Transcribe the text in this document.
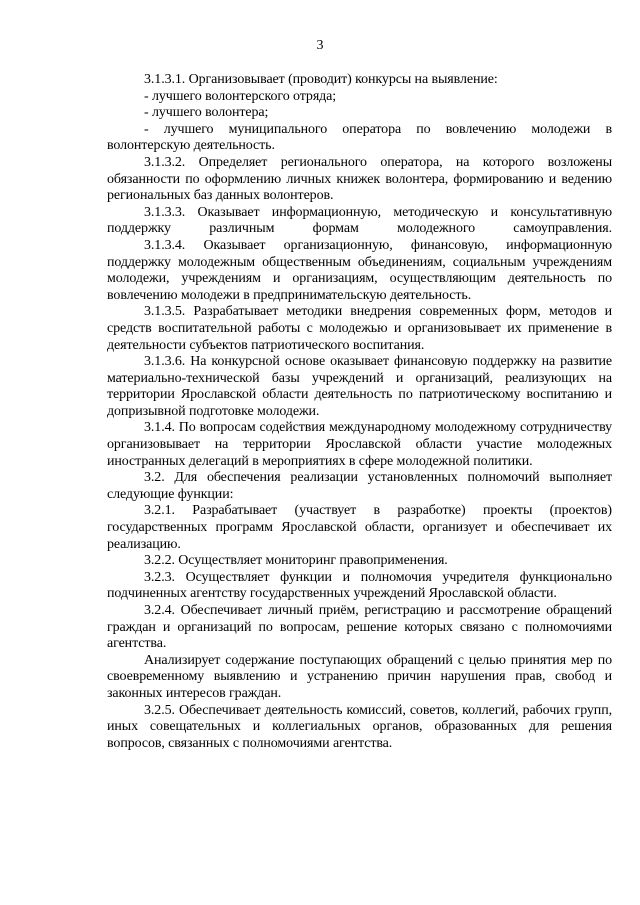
3

3.1.3.1. Организовывает (проводит) конкурсы на выявление:

- лучшего волонтерского отряда;

- лучшего волонтера;

- лучшего муниципального оператора по вовлечению молодежи в волонтерскую деятельность.

3.1.3.2. Определяет регионального оператора, на которого возложены обязанности по оформлению личных книжек волонтера, формированию и ведению региональных баз данных волонтеров.

3.1.3.3. Оказывает информационную, методическую и консультативную поддержку различным формам молодежного самоуправления.

3.1.3.4. Оказывает организационную, финансовую, информационную поддержку молодежным общественным объединениям, социальным учреждениям молодежи, учреждениям и организациям, осуществляющим деятельность по вовлечению молодежи в предпринимательскую деятельность.

3.1.3.5. Разрабатывает методики внедрения современных форм, методов и средств воспитательной работы с молодежью и организовывает их применение в деятельности субъектов патриотического воспитания.

3.1.3.6. На конкурсной основе оказывает финансовую поддержку на развитие материально-технической базы учреждений и организаций, реализующих на территории Ярославской области деятельность по патриотическому воспитанию и допризывной подготовке молодежи.

3.1.4. По вопросам содействия международному молодежному сотрудничеству организовывает на территории Ярославской области участие молодежных иностранных делегаций в мероприятиях в сфере молодежной политики.

3.2. Для обеспечения реализации установленных полномочий выполняет следующие функции:

3.2.1. Разрабатывает (участвует в разработке) проекты (проектов) государственных программ Ярославской области, организует и обеспечивает их реализацию.

3.2.2. Осуществляет мониторинг правоприменения.

3.2.3. Осуществляет функции и полномочия учредителя функционально подчиненных агентству государственных учреждений Ярославской области.

3.2.4. Обеспечивает личный приём, регистрацию и рассмотрение обращений граждан и организаций по вопросам, решение которых связано с полномочиями агентства.

Анализирует содержание поступающих обращений с целью принятия мер по своевременному выявлению и устранению причин нарушения прав, свобод и законных интересов граждан.

3.2.5. Обеспечивает деятельность комиссий, советов, коллегий, рабочих групп, иных совещательных и коллегиальных органов, образованных для решения вопросов, связанных с полномочиями агентства.
